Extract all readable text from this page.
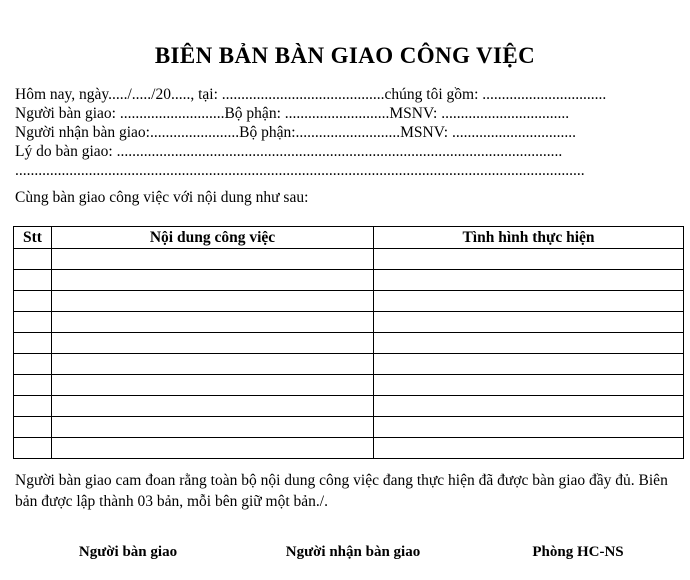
BIÊN BẢN BÀN GIAO CÔNG VIỆC
Hôm nay, ngày...../...../20....., tại: ..........................................chúng tôi gồm: ................................
Người bàn giao: ...........................Bộ phận: ...........................MSNV: .................................
Người nhận bàn giao:.......................Bộ phận:...........................MSNV: ................................
Lý do bàn giao: ...................................................................................................................
...................................................................................................................................................
Cùng bàn giao công việc với nội dung như sau:
Stt	Nội dung công việc	Tình hình thực hiện

Người bàn giao cam đoan rằng toàn bộ nội dung công việc đang thực hiện đã được bàn giao đầy đủ. Biên bản được lập thành 03 bản, mỗi bên giữ một bản./.
Người bàn giao	Người nhận bàn giao	Phòng HC-NS
